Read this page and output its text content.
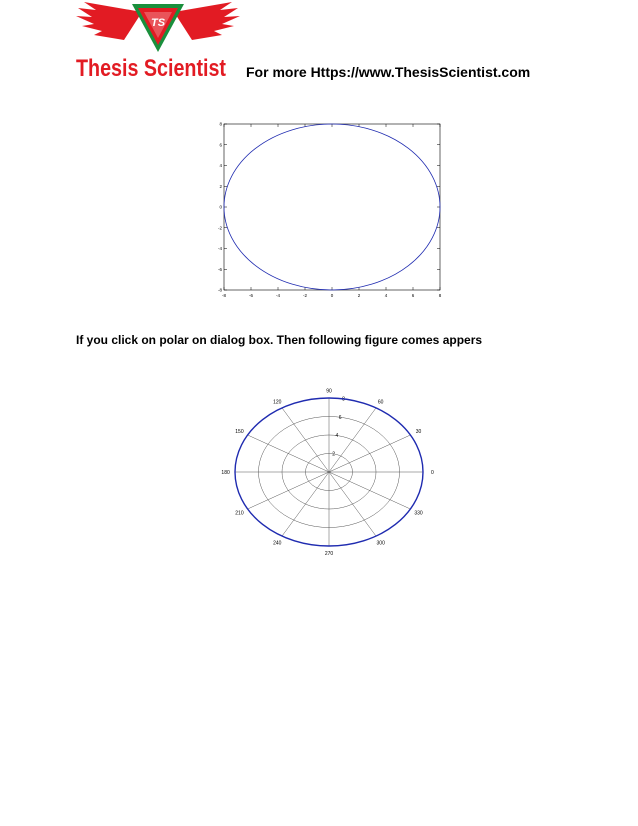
TS
Thesis Scientist For more Https://www.ThesisScientist.com
-8	-6	-4	-2	0	2	4	6	8
-8
-6
-4
-2
0
2
4
6
8

If you click on polar on dialog box. Then following figure comes appers

0
30
60
90
120
150
180
210
240
270
300
330
2
4
6
8
